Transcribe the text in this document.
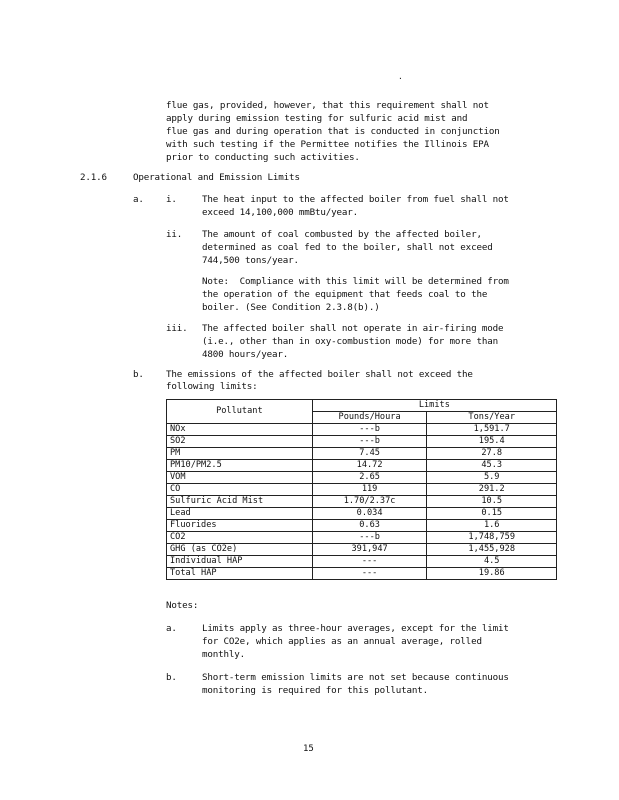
.
flue gas, provided, however, that this requirement shall not
apply during emission testing for sulfuric acid mist and
flue gas and during operation that is conducted in conjunction
with such testing if the Permittee notifies the Illinois EPA
prior to conducting such activities.
2.1.6	Operational and Emission Limits
a. i.	The heat input to the affected boiler from fuel shall not
exceed 14,100,000 mmBtu/year.
ii. The amount of coal combusted by the affected boiler,
determined as coal fed to the boiler, shall not exceed
744,500 tons/year.
Note:  Compliance with this limit will be determined from
the operation of the equipment that feeds coal to the
boiler. (See Condition 2.3.8(b).)
iii. The affected boiler shall not operate in air-firing mode
(i.e., other than in oxy-combustion mode) for more than
4800 hours/year.
b. The emissions of the affected boiler shall not exceed the
following limits:
Pollutant	Limits	
	Pounds/Houra	Tons/Year
NOx	---b	1,591.7
SO2	---b	195.4
PM	7.45	27.8
PM10/PM2.5	14.72	45.3
VOM	2.65	5.9
CO	119	291.2
Sulfuric Acid Mist	1.70/2.37c	10.5
Lead	0.034	0.15
Fluorides	0.63	1.6
CO2	---b	1,748,759
GHG (as CO2e)	391,947	1,455,928
Individual HAP	---	4.5
Total HAP	---	19.86
Notes:
a.	Limits apply as three-hour averages, except for the limit
for CO2e, which applies as an annual average, rolled
monthly.
b.	Short-term emission limits are not set because continuous
monitoring is required for this pollutant.
15
